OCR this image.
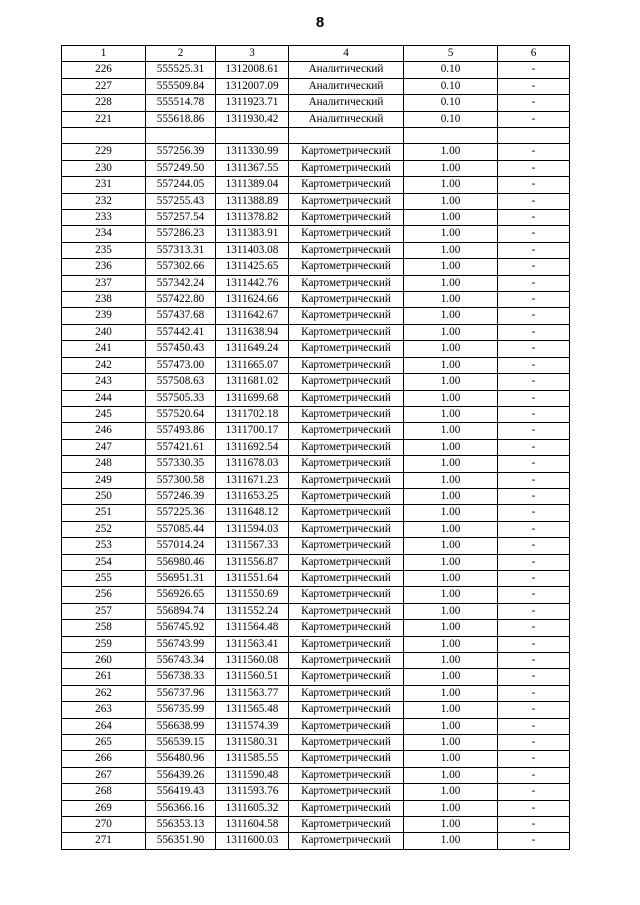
8
1	2	3	4	5	6
226	555525.31	1312008.61	Аналитический	0.10	-
227	555509.84	1312007.09	Аналитический	0.10	-
228	555514.78	1311923.71	Аналитический	0.10	-
221	555618.86	1311930.42	Аналитический	0.10	-

229	557256.39	1311330.99	Картометрический	1.00	-
230	557249.50	1311367.55	Картометрический	1.00	-
231	557244.05	1311389.04	Картометрический	1.00	-
232	557255.43	1311388.89	Картометрический	1.00	-
233	557257.54	1311378.82	Картометрический	1.00	-
234	557286.23	1311383.91	Картометрический	1.00	-
235	557313.31	1311403.08	Картометрический	1.00	-
236	557302.66	1311425.65	Картометрический	1.00	-
237	557342.24	1311442.76	Картометрический	1.00	-
238	557422.80	1311624.66	Картометрический	1.00	-
239	557437.68	1311642.67	Картометрический	1.00	-
240	557442.41	1311638.94	Картометрический	1.00	-
241	557450.43	1311649.24	Картометрический	1.00	-
242	557473.00	1311665.07	Картометрический	1.00	-
243	557508.63	1311681.02	Картометрический	1.00	-
244	557505.33	1311699.68	Картометрический	1.00	-
245	557520.64	1311702.18	Картометрический	1.00	-
246	557493.86	1311700.17	Картометрический	1.00	-
247	557421.61	1311692.54	Картометрический	1.00	-
248	557330.35	1311678.03	Картометрический	1.00	-
249	557300.58	1311671.23	Картометрический	1.00	-
250	557246.39	1311653.25	Картометрический	1.00	-
251	557225.36	1311648.12	Картометрический	1.00	-
252	557085.44	1311594.03	Картометрический	1.00	-
253	557014.24	1311567.33	Картометрический	1.00	-
254	556980.46	1311556.87	Картометрический	1.00	-
255	556951.31	1311551.64	Картометрический	1.00	-
256	556926.65	1311550.69	Картометрический	1.00	-
257	556894.74	1311552.24	Картометрический	1.00	-
258	556745.92	1311564.48	Картометрический	1.00	-
259	556743.99	1311563.41	Картометрический	1.00	-
260	556743.34	1311560.08	Картометрический	1.00	-
261	556738.33	1311560.51	Картометрический	1.00	-
262	556737.96	1311563.77	Картометрический	1.00	-
263	556735.99	1311565.48	Картометрический	1.00	-
264	556638.99	1311574.39	Картометрический	1.00	-
265	556539.15	1311580.31	Картометрический	1.00	-
266	556480.96	1311585.55	Картометрический	1.00	-
267	556439.26	1311590.48	Картометрический	1.00	-
268	556419.43	1311593.76	Картометрический	1.00	-
269	556366.16	1311605.32	Картометрический	1.00	-
270	556353.13	1311604.58	Картометрический	1.00	-
271	556351.90	1311600.03	Картометрический	1.00	-
